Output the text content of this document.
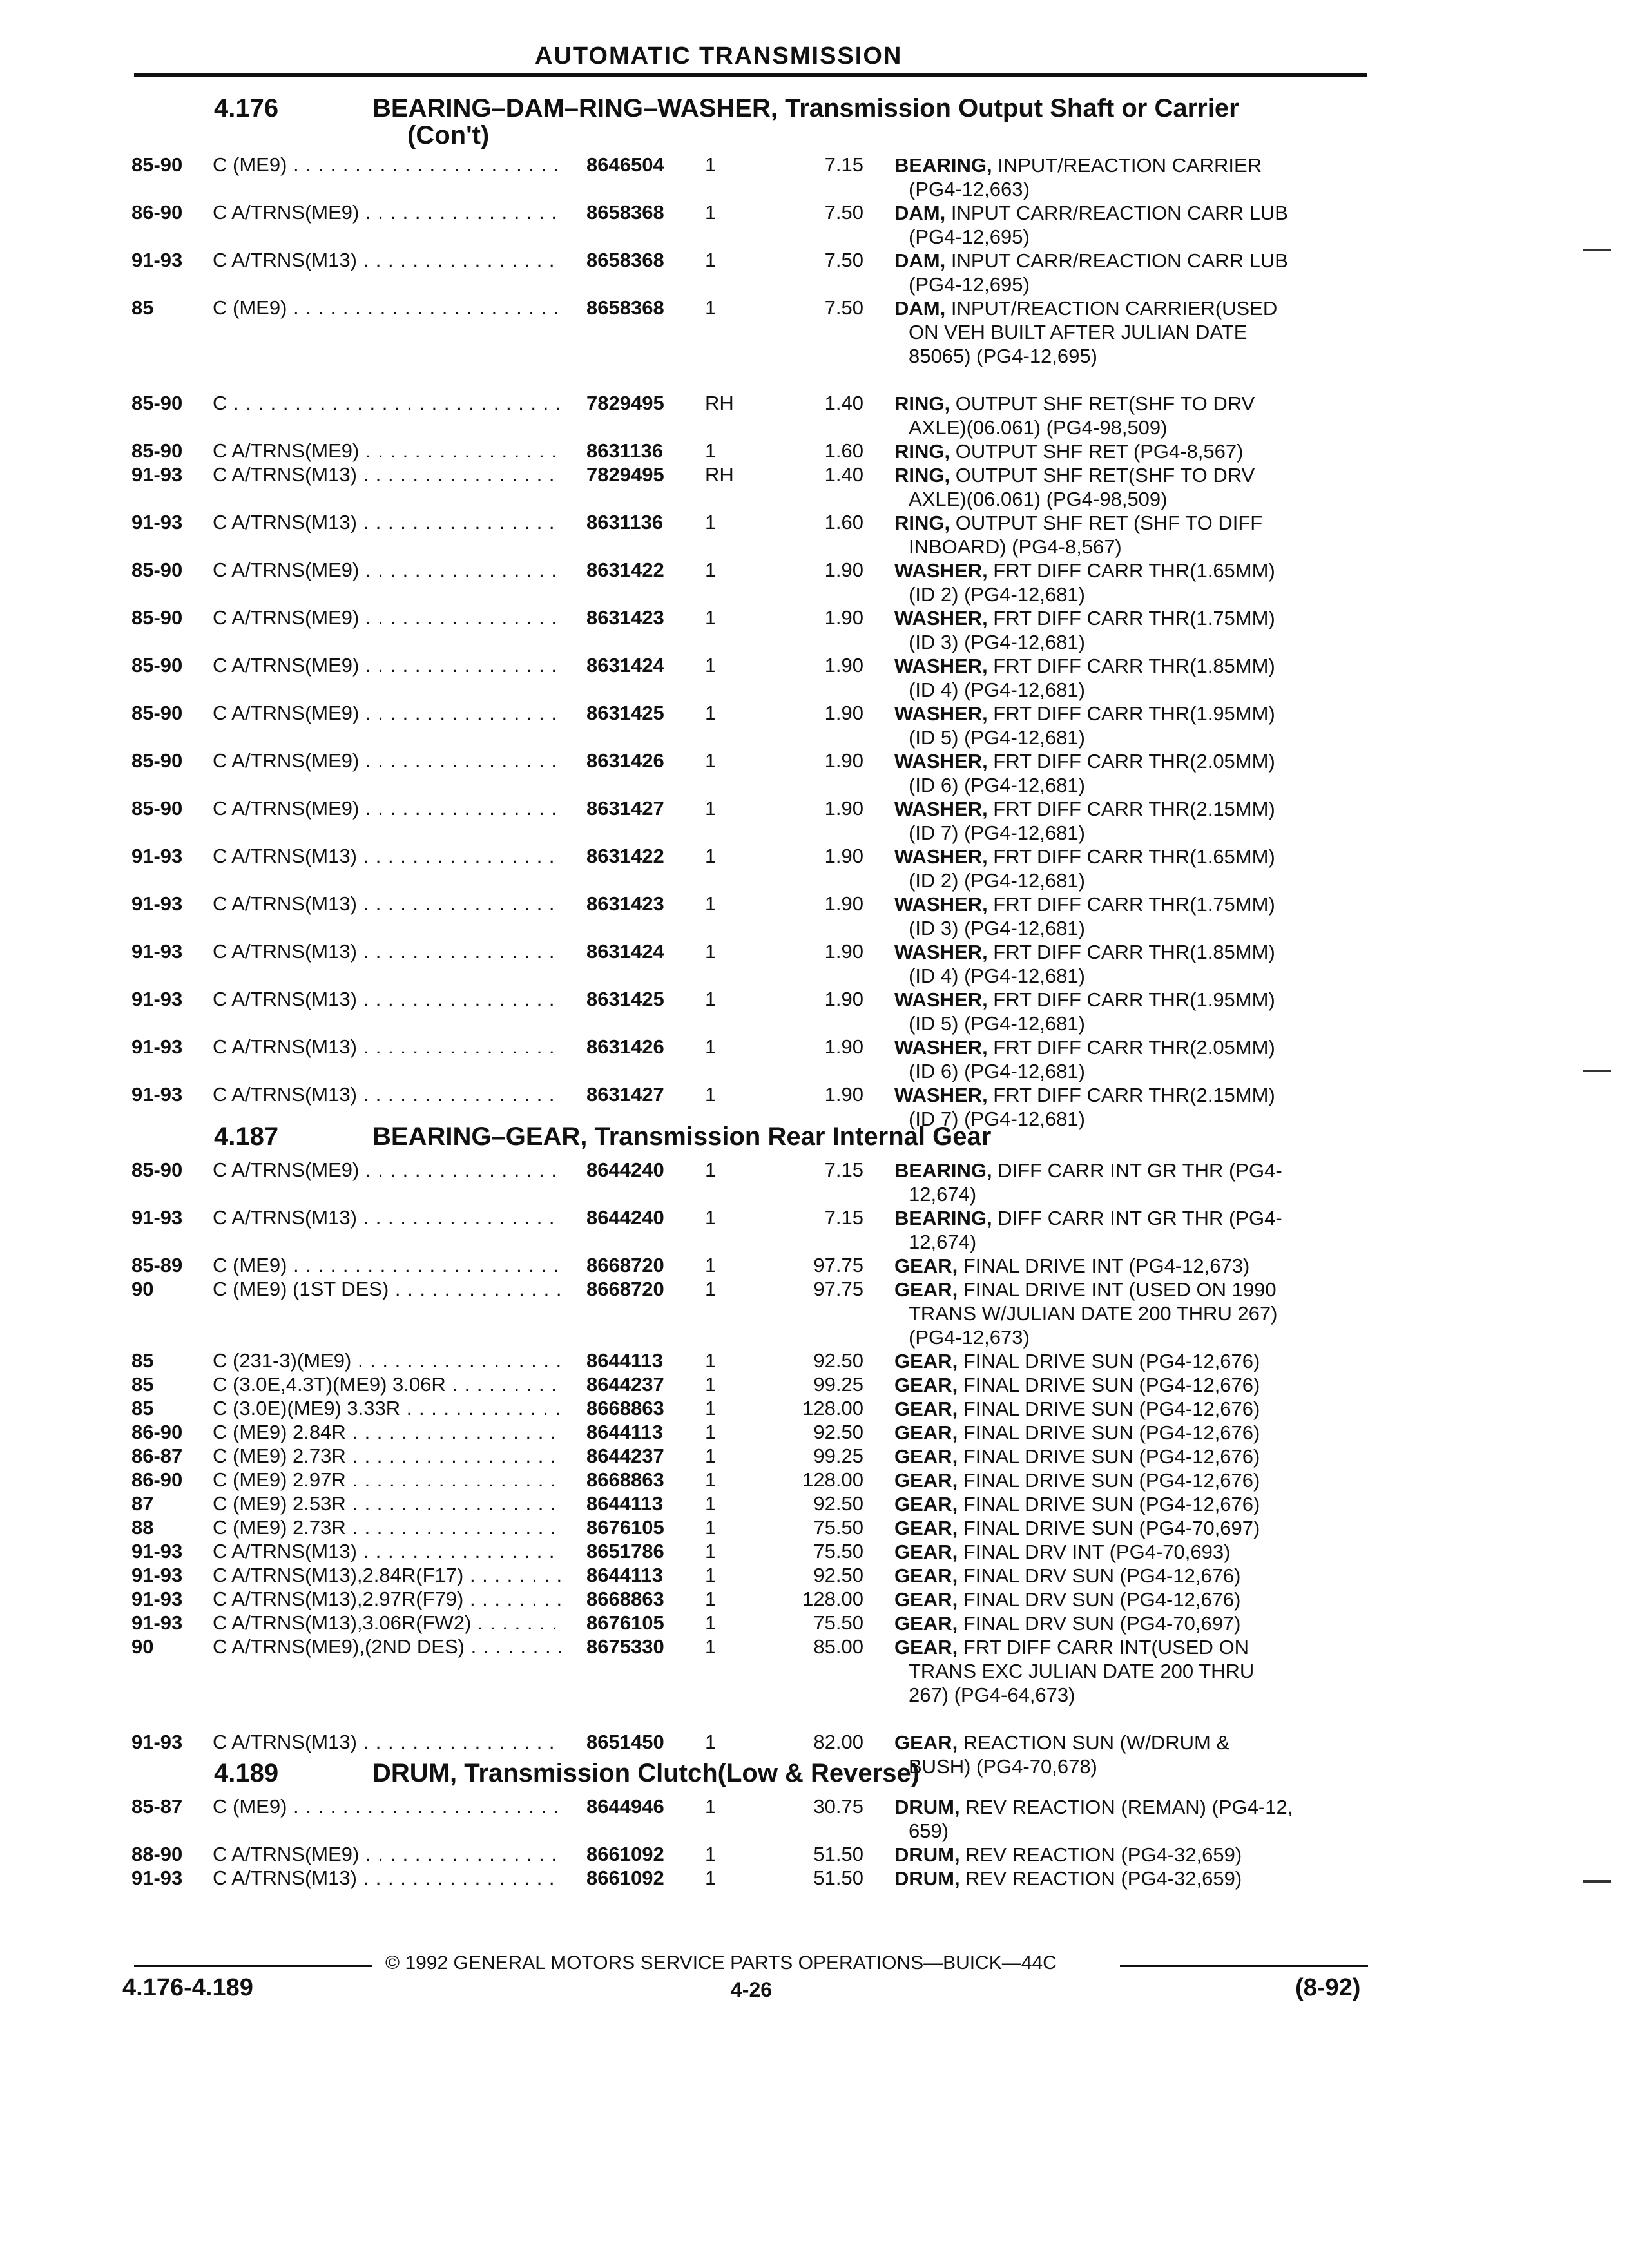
AUTOMATIC TRANSMISSION
4.176	BEARING–DAM–RING–WASHER, Transmission Output Shaft or Carrier
(Con't)
85-90 C (ME9) . . .	8646504 1	7.15 BEARING, INPUT/REACTION CARRIER
(PG4-12,663)
86-90 C A/TRNS(ME9) . . .	8658368 1	7.50 DAM, INPUT CARR/REACTION CARR LUB
(PG4-12,695)
91-93 C A/TRNS(M13) . . .	8658368 1	7.50 DAM, INPUT CARR/REACTION CARR LUB
(PG4-12,695)
85	C (ME9) . . .	8658368 1	7.50 DAM, INPUT/REACTION CARRIER(USED
ON VEH BUILT AFTER JULIAN DATE
85065) (PG4-12,695)
85-90 C . . .	7829495 RH	1.40 RING, OUTPUT SHF RET(SHF TO DRV
AXLE)(06.061) (PG4-98,509)
85-90 C A/TRNS(ME9) . . .	8631136 1	1.60 RING, OUTPUT SHF RET (PG4-8,567)
91-93 C A/TRNS(M13) . . .	7829495 RH	1.40 RING, OUTPUT SHF RET(SHF TO DRV
AXLE)(06.061) (PG4-98,509)
91-93 C A/TRNS(M13) . . .	8631136 1	1.60 RING, OUTPUT SHF RET (SHF TO DIFF
INBOARD) (PG4-8,567)
85-90 C A/TRNS(ME9) . . .	8631422 1	1.90 WASHER, FRT DIFF CARR THR(1.65MM)
(ID 2) (PG4-12,681)
85-90 C A/TRNS(ME9) . . .	8631423 1	1.90 WASHER, FRT DIFF CARR THR(1.75MM)
(ID 3) (PG4-12,681)
85-90 C A/TRNS(ME9) . . .	8631424 1	1.90 WASHER, FRT DIFF CARR THR(1.85MM)
(ID 4) (PG4-12,681)
85-90 C A/TRNS(ME9) . . .	8631425 1	1.90 WASHER, FRT DIFF CARR THR(1.95MM)
(ID 5) (PG4-12,681)
85-90 C A/TRNS(ME9) . . .	8631426 1	1.90 WASHER, FRT DIFF CARR THR(2.05MM)
(ID 6) (PG4-12,681)
85-90 C A/TRNS(ME9) . . .	8631427 1	1.90 WASHER, FRT DIFF CARR THR(2.15MM)
(ID 7) (PG4-12,681)
91-93 C A/TRNS(M13) . . .	8631422 1	1.90 WASHER, FRT DIFF CARR THR(1.65MM)
(ID 2) (PG4-12,681)
91-93 C A/TRNS(M13) . . .	8631423 1	1.90 WASHER, FRT DIFF CARR THR(1.75MM)
(ID 3) (PG4-12,681)
91-93 C A/TRNS(M13) . . .	8631424 1	1.90 WASHER, FRT DIFF CARR THR(1.85MM)
(ID 4) (PG4-12,681)
91-93 C A/TRNS(M13) . . .	8631425 1	1.90 WASHER, FRT DIFF CARR THR(1.95MM)
(ID 5) (PG4-12,681)
91-93 C A/TRNS(M13) . . .	8631426 1	1.90 WASHER, FRT DIFF CARR THR(2.05MM)
(ID 6) (PG4-12,681)
91-93 C A/TRNS(M13) . . .	8631427 1	1.90 WASHER, FRT DIFF CARR THR(2.15MM)
(ID 7) (PG4-12,681)
4.187	BEARING–GEAR, Transmission Rear Internal Gear
85-90 C A/TRNS(ME9) . . .	8644240 1	7.15 BEARING, DIFF CARR INT GR THR (PG4-
12,674)
91-93 C A/TRNS(M13) . . .	8644240 1	7.15 BEARING, DIFF CARR INT GR THR (PG4-
12,674)
85-89 C (ME9) . . .	8668720 1	97.75 GEAR, FINAL DRIVE INT (PG4-12,673)
90	C (ME9) (1ST DES) . . .	8668720 1	97.75 GEAR, FINAL DRIVE INT (USED ON 1990
TRANS W/JULIAN DATE 200 THRU 267)
(PG4-12,673)
85	C (231-3)(ME9) . . .	8644113 1	92.50 GEAR, FINAL DRIVE SUN (PG4-12,676)
85	C (3.0E,4.3T)(ME9) 3.06R . . .	8644237 1	99.25 GEAR, FINAL DRIVE SUN (PG4-12,676)
85	C (3.0E)(ME9) 3.33R . . .	8668863 1	128.00 GEAR, FINAL DRIVE SUN (PG4-12,676)
86-90 C (ME9) 2.84R . . .	8644113 1	92.50 GEAR, FINAL DRIVE SUN (PG4-12,676)
86-87 C (ME9) 2.73R . . .	8644237 1	99.25 GEAR, FINAL DRIVE SUN (PG4-12,676)
86-90 C (ME9) 2.97R . . .	8668863 1	128.00 GEAR, FINAL DRIVE SUN (PG4-12,676)
87	C (ME9) 2.53R . . .	8644113 1	92.50 GEAR, FINAL DRIVE SUN (PG4-12,676)
88	C (ME9) 2.73R . . .	8676105 1	75.50 GEAR, FINAL DRIVE SUN (PG4-70,697)
91-93 C A/TRNS(M13) . . .	8651786 1	75.50 GEAR, FINAL DRV INT (PG4-70,693)
91-93 C A/TRNS(M13),2.84R(F17) . . .	8644113 1	92.50 GEAR, FINAL DRV SUN (PG4-12,676)
91-93 C A/TRNS(M13),2.97R(F79) . . .	8668863 1	128.00 GEAR, FINAL DRV SUN (PG4-12,676)
91-93 C A/TRNS(M13),3.06R(FW2) . . .	8676105 1	75.50 GEAR, FINAL DRV SUN (PG4-70,697)
90	C A/TRNS(ME9),(2ND DES) . . .	8675330 1	85.00 GEAR, FRT DIFF CARR INT(USED ON
TRANS EXC JULIAN DATE 200 THRU
267) (PG4-64,673)
91-93 C A/TRNS(M13) . . .	8651450 1	82.00 GEAR, REACTION SUN (W/DRUM &
BUSH) (PG4-70,678)
4.189	DRUM, Transmission Clutch(Low & Reverse)
85-87 C (ME9) . . .	8644946 1	30.75 DRUM, REV REACTION (REMAN) (PG4-12,
659)
88-90 C A/TRNS(ME9) . . .	8661092 1	51.50 DRUM, REV REACTION (PG4-32,659)
91-93 C A/TRNS(M13) . . .	8661092 1	51.50 DRUM, REV REACTION (PG4-32,659)
© 1992 GENERAL MOTORS SERVICE PARTS OPERATIONS—BUICK—44C
4.176-4.189	4-26	(8-92)
